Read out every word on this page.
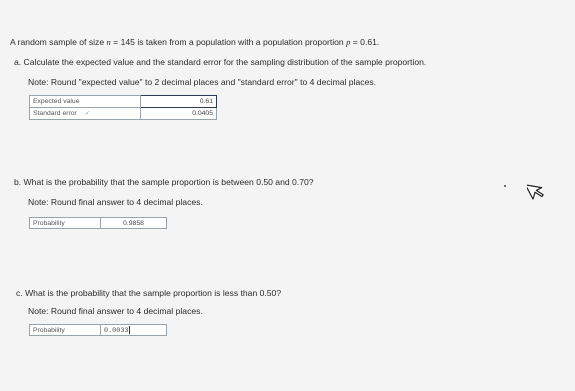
A random sample of size n = 145 is taken from a population with a population proportion p = 0.61.
a. Calculate the expected value and the standard error for the sampling distribution of the sample proportion.
Note: Round "expected value" to 2 decimal places and "standard error" to 4 decimal places.
Expected value	0.61
Standard error ✓	0.0405
b. What is the probability that the sample proportion is between 0.50 and 0.70?
Note: Round final answer to 4 decimal places.
Probability	0.9858
c. What is the probability that the sample proportion is less than 0.50?
Note: Round final answer to 4 decimal places.
Probability	0.0033
